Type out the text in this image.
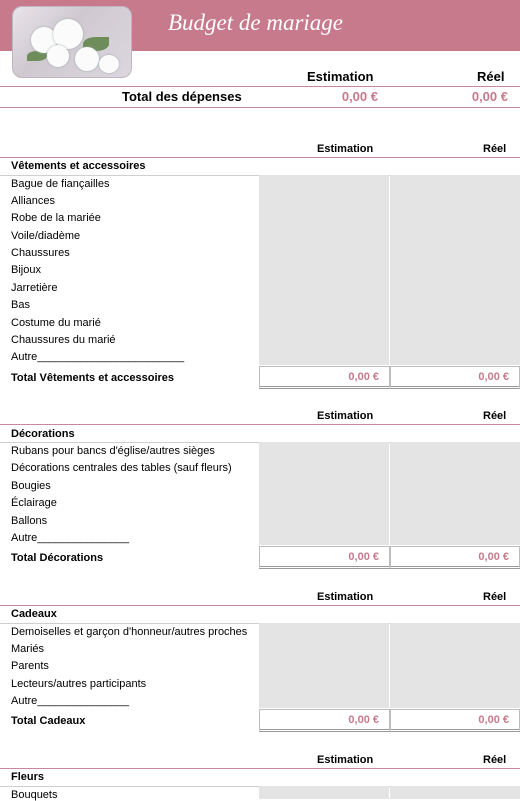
Budget de mariage
Estimation	Réel
Total des dépenses	0,00 €	0,00 €
Estimation	Réel
Vêtements et accessoires
Bague de fiançailles
Alliances
Robe de la mariée
Voile/diadème
Chaussures
Bijoux
Jarretière
Bas
Costume du marié
Chaussures du marié
Autre________________________
Total Vêtements et accessoires	0,00 €	0,00 €
Estimation	Réel
Décorations
Rubans pour bancs d'église/autres sièges
Décorations centrales des tables (sauf fleurs)
Bougies
Éclairage
Ballons
Autre_______________
Total Décorations	0,00 €	0,00 €
Estimation	Réel
Cadeaux
Demoiselles et garçon d'honneur/autres proches
Mariés
Parents
Lecteurs/autres participants
Autre_______________
Total Cadeaux	0,00 €	0,00 €
Estimation	Réel
Fleurs
Bouquets
